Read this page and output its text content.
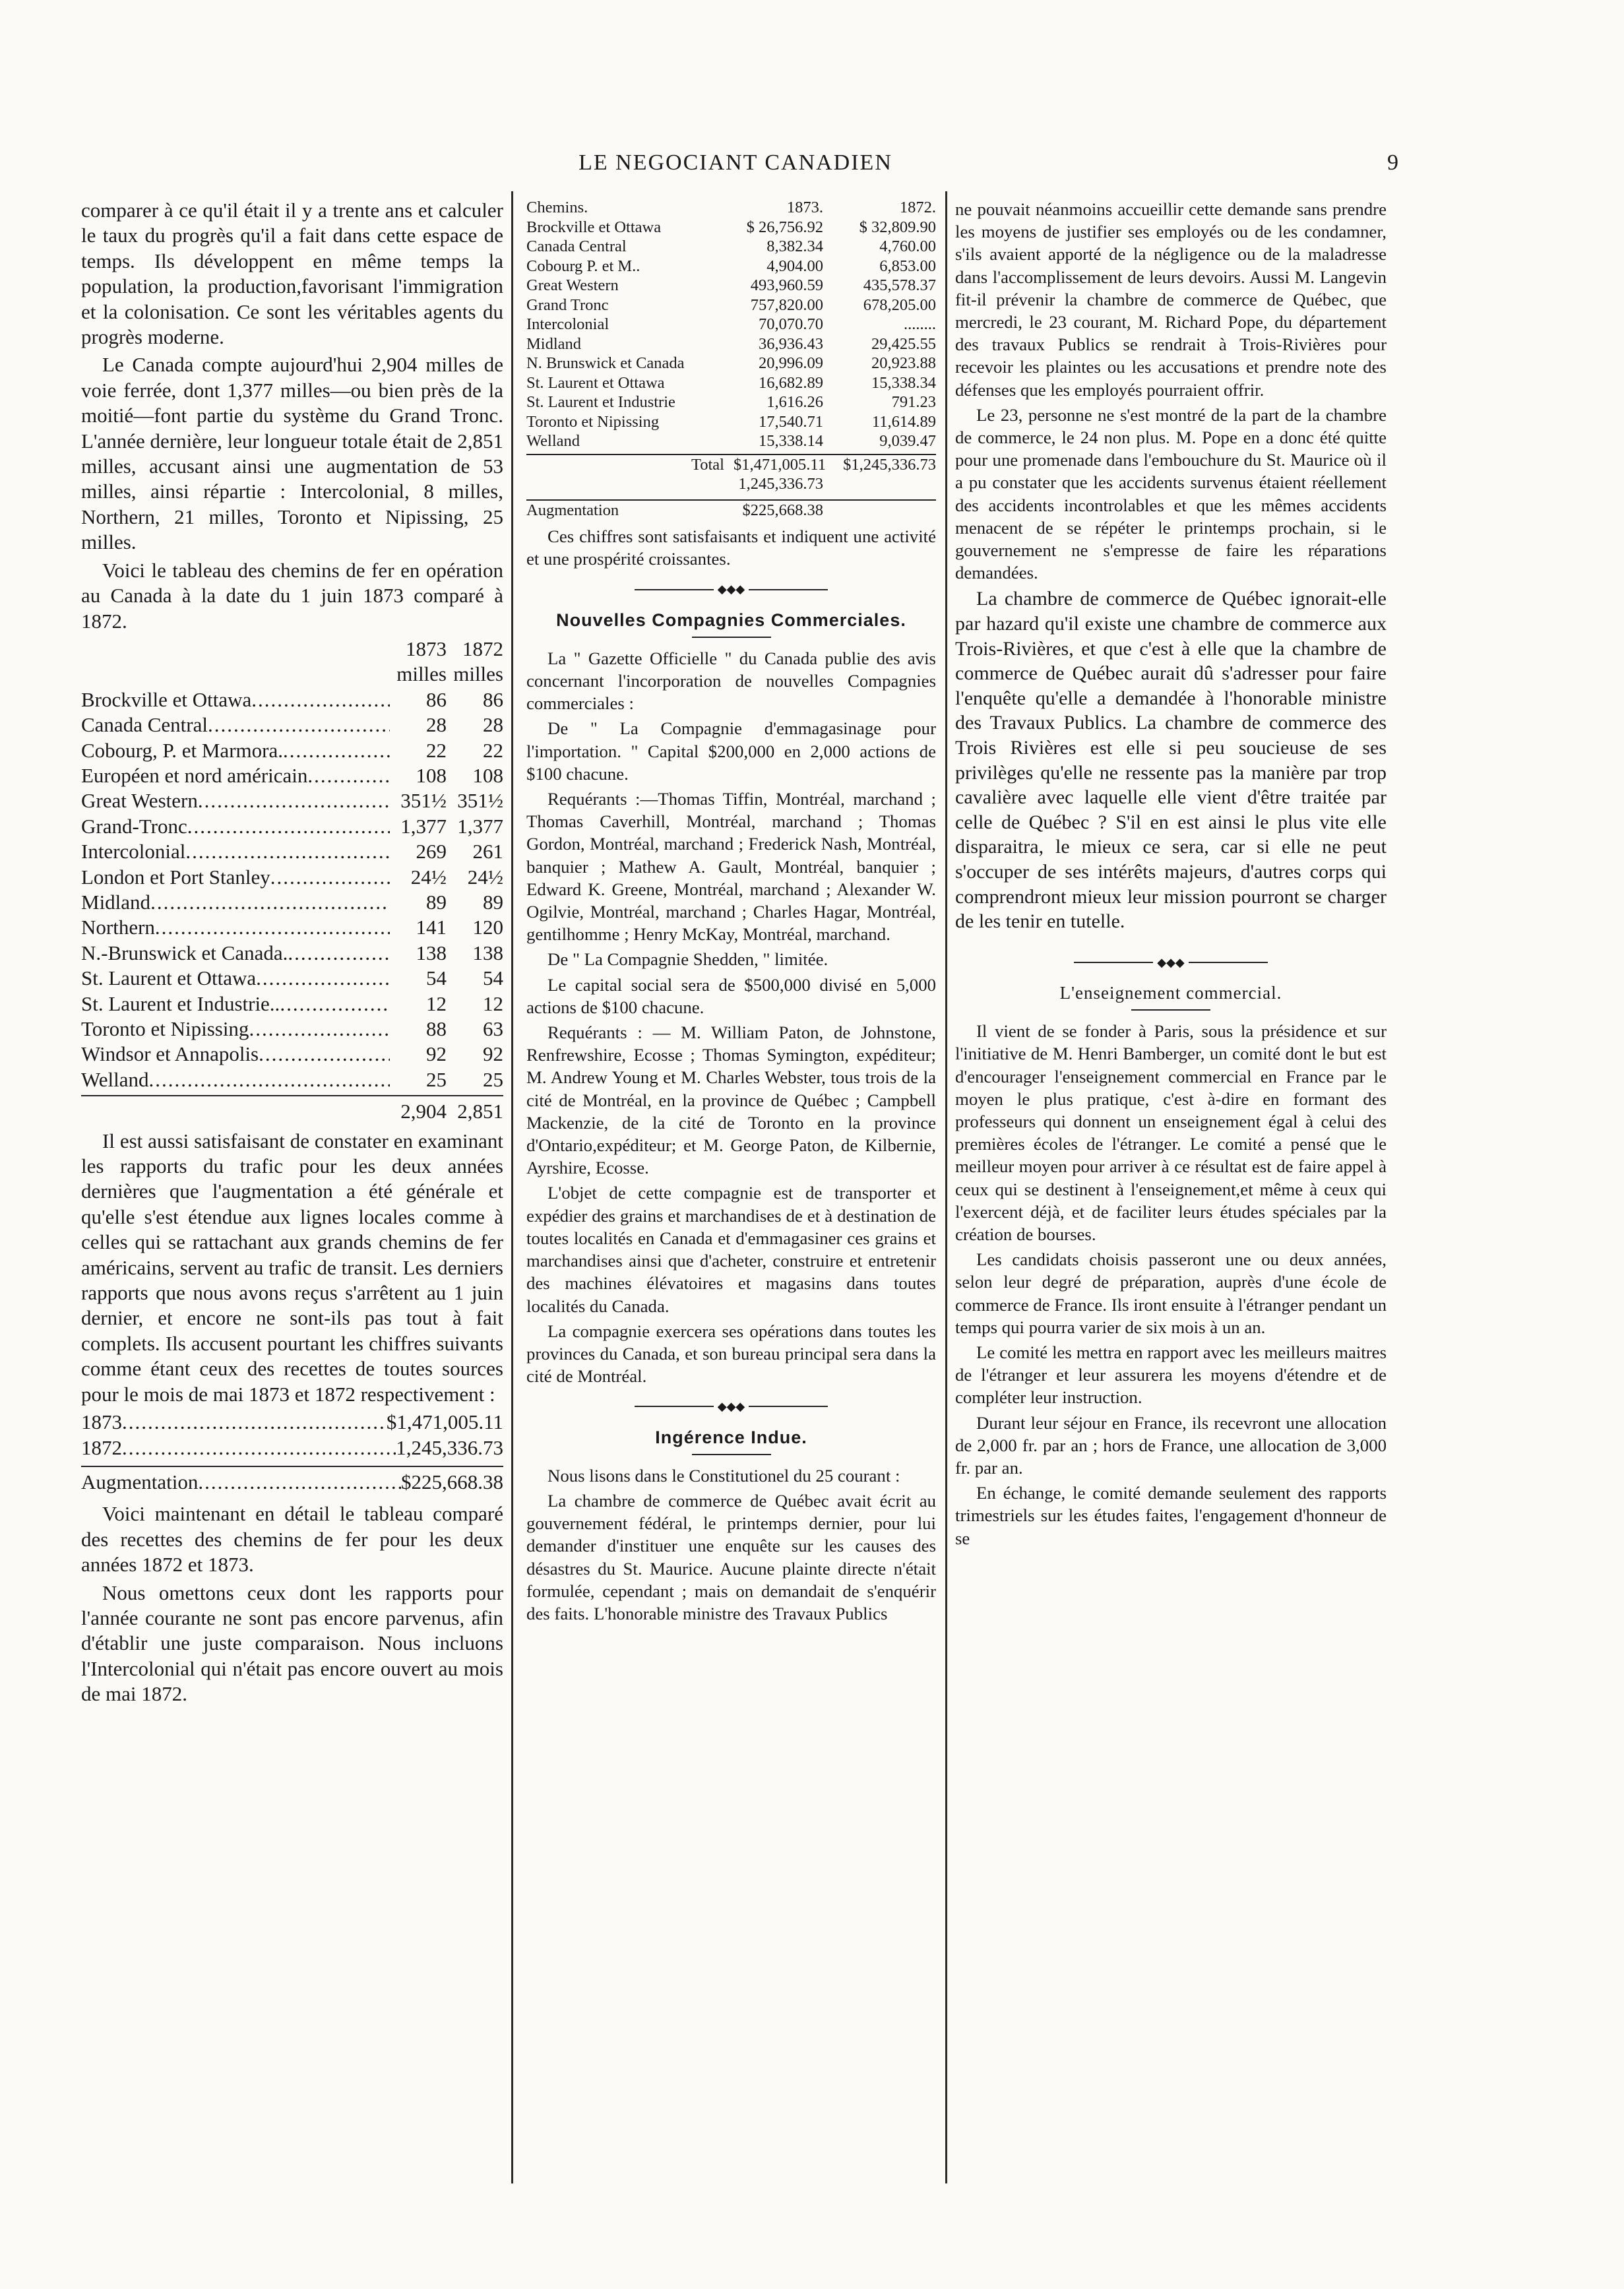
LE NEGOCIANT CANADIEN	9

comparer à ce qu'il était il y a trente ans et calculer le taux du progrès qu'il a fait dans cette espace de temps. Ils développent en même temps la population, la production,favorisant l'immigration et la colonisation. Ce sont les véritables agents du progrès moderne.

Le Canada compte aujourd'hui 2,904 milles de voie ferrée, dont 1,377 milles—ou bien près de la moitié—font partie du système du Grand Tronc. L'année dernière, leur longueur totale était de 2,851 milles, accusant ainsi une augmentation de 53 milles, ainsi répartie : Intercolonial, 8 milles, Northern, 21 milles, Toronto et Nipissing, 25 milles.

Voici le tableau des chemins de fer en opération au Canada à la date du 1 juin 1873 comparé à 1872.

1873 1872
milles milles
Brockville et Ottawa .....	86	86
Canada Central .....	28	28
Cobourg, P. et Marmora. .....	22	22
Européen et nord américain .....	108	108
Great Western .....	351½ 351½
Grand-Tronc .....	1,377 1,377
Intercolonial .....	269	261
London et Port Stanley .....	24½	24½
Midland .....	89	89
Northern .....	141	120
N.-Brunswick et Canada. .....	138	138
St. Laurent et Ottawa .....	54	54
St. Laurent et Industrie.. .....	12	12
Toronto et Nipissing .....	88	63
Windsor et Annapolis .....	92	92
Welland .....	25	25
2,904 2,851

Il est aussi satisfaisant de constater en examinant les rapports du trafic pour les deux années dernières que l'augmentation a été générale et qu'elle s'est étendue aux lignes locales comme à celles qui se rattachant aux grands chemins de fer américains, servent au trafic de transit. Les derniers rapports que nous avons reçus s'arrêtent au 1 juin dernier, et encore ne sont-ils pas tout à fait complets. Ils accusent pourtant les chiffres suivants comme étant ceux des recettes de toutes sources pour le mois de mai 1873 et 1872 respectivement :

1873 .....	$1,471,005.11
1872 .....	1,245,336.73
Augmentation .....	$225,668.38

Voici maintenant en détail le tableau comparé des recettes des chemins de fer pour les deux années 1872 et 1873.

Nous omettons ceux dont les rapports pour l'année courante ne sont pas encore parvenus, afin d'établir une juste comparaison. Nous incluons l'Intercolonial qui n'était pas encore ouvert au mois de mai 1872.

Chemins.	1873.	1872.
Brockville et Ottawa	$ 26,756.92	$ 32,809.90
Canada Central	8,382.34	4,760.00
Cobourg P. et M..	4,904.00	6,853.00
Great Western	493,960.59	435,578.37
Grand Tronc	757,820.00	678,205.00
Intercolonial	70,070.70	........
Midland	36,936.43	29,425.55
N. Brunswick et Canada	20,996.09	20,923.88
St. Laurent et Ottawa	16,682.89	15,338.34
St. Laurent et Industrie	1,616.26	791.23
Toronto et Nipissing	17,540.71	11,614.89
Welland	15,338.14	9,039.47
Total $1,471,005.11	$1,245,336.73
1,245,336.73
Augmentation	$225,668.38

Ces chiffres sont satisfaisants et indiquent une activité et une prospérité croissantes.

◆◆◆
Nouvelles Compagnies Commerciales.

La " Gazette Officielle " du Canada publie des avis concernant l'incorporation de nouvelles Compagnies commerciales :

De " La Compagnie d'emmagasinage pour l'importation. " Capital $200,000 en 2,000 actions de $100 chacune.

Requérants :—Thomas Tiffin, Montréal, marchand ; Thomas Caverhill, Montréal, marchand ; Thomas Gordon, Montréal, marchand ; Frederick Nash, Montréal, banquier ; Mathew A. Gault, Montréal, banquier ; Edward K. Greene, Montréal, marchand ; Alexander W. Ogilvie, Montréal, marchand ; Charles Hagar, Montréal, gentilhomme ; Henry McKay, Montréal, marchand.

De " La Compagnie Shedden, " limitée.

Le capital social sera de $500,000 divisé en 5,000 actions de $100 chacune.

Requérants : — M. William Paton, de Johnstone, Renfrewshire, Ecosse ; Thomas Symington, expéditeur; M. Andrew Young et M. Charles Webster, tous trois de la cité de Montréal, en la province de Québec ; Campbell Mackenzie, de la cité de Toronto en la province d'Ontario,expéditeur; et M. George Paton, de Kilbernie, Ayrshire, Ecosse.

L'objet de cette compagnie est de transporter et expédier des grains et marchandises de et à destination de toutes localités en Canada et d'emmagasiner ces grains et marchandises ainsi que d'acheter, construire et entretenir des machines élévatoires et magasins dans toutes localités du Canada.

La compagnie exercera ses opérations dans toutes les provinces du Canada, et son bureau principal sera dans la cité de Montréal.

◆◆◆
Ingérence Indue.

Nous lisons dans le Constitutionel du 25 courant :

La chambre de commerce de Québec avait écrit au gouvernement fédéral, le printemps dernier, pour lui demander d'instituer une enquête sur les causes des désastres du St. Maurice. Aucune plainte directe n'était formulée, cependant ; mais on demandait de s'enquérir des faits. L'honorable ministre des Travaux Publics

ne pouvait néanmoins accueillir cette demande sans prendre les moyens de justifier ses employés ou de les condamner, s'ils avaient apporté de la négligence ou de la maladresse dans l'accomplissement de leurs devoirs. Aussi M. Langevin fit-il prévenir la chambre de commerce de Québec, que mercredi, le 23 courant, M. Richard Pope, du département des travaux Publics se rendrait à Trois-Rivières pour recevoir les plaintes ou les accusations et prendre note des défenses que les employés pourraient offrir.

Le 23, personne ne s'est montré de la part de la chambre de commerce, le 24 non plus. M. Pope en a donc été quitte pour une promenade dans l'embouchure du St. Maurice où il a pu constater que les accidents survenus étaient réellement des accidents incontrolables et que les mêmes accidents menacent de se répéter le printemps prochain, si le gouvernement ne s'empresse de faire les réparations demandées.

La chambre de commerce de Québec ignorait-elle par hazard qu'il existe une chambre de commerce aux Trois-Rivières, et que c'est à elle que la chambre de commerce de Québec aurait dû s'adresser pour faire l'enquête qu'elle a demandée à l'honorable ministre des Travaux Publics. La chambre de commerce des Trois Rivières est elle si peu soucieuse de ses privilèges qu'elle ne ressente pas la manière par trop cavalière avec laquelle elle vient d'être traitée par celle de Québec ? S'il en est ainsi le plus vite elle disparaitra, le mieux ce sera, car si elle ne peut s'occuper de ses intérêts majeurs, d'autres corps qui comprendront mieux leur mission pourront se charger de les tenir en tutelle.

◆◆◆
L'enseignement commercial.

Il vient de se fonder à Paris, sous la présidence et sur l'initiative de M. Henri Bamberger, un comité dont le but est d'encourager l'enseignement commercial en France par le moyen le plus pratique, c'est à-dire en formant des professeurs qui donnent un enseignement égal à celui des premières écoles de l'étranger. Le comité a pensé que le meilleur moyen pour arriver à ce résultat est de faire appel à ceux qui se destinent à l'enseignement,et même à ceux qui l'exercent déjà, et de faciliter leurs études spéciales par la création de bourses.

Les candidats choisis passeront une ou deux années, selon leur degré de préparation, auprès d'une école de commerce de France. Ils iront ensuite à l'étranger pendant un temps qui pourra varier de six mois à un an.

Le comité les mettra en rapport avec les meilleurs maitres de l'étranger et leur assurera les moyens d'étendre et de compléter leur instruction.

Durant leur séjour en France, ils recevront une allocation de 2,000 fr. par an ; hors de France, une allocation de 3,000 fr. par an.

En échange, le comité demande seulement des rapports trimestriels sur les études faites, l'engagement d'honneur de se
